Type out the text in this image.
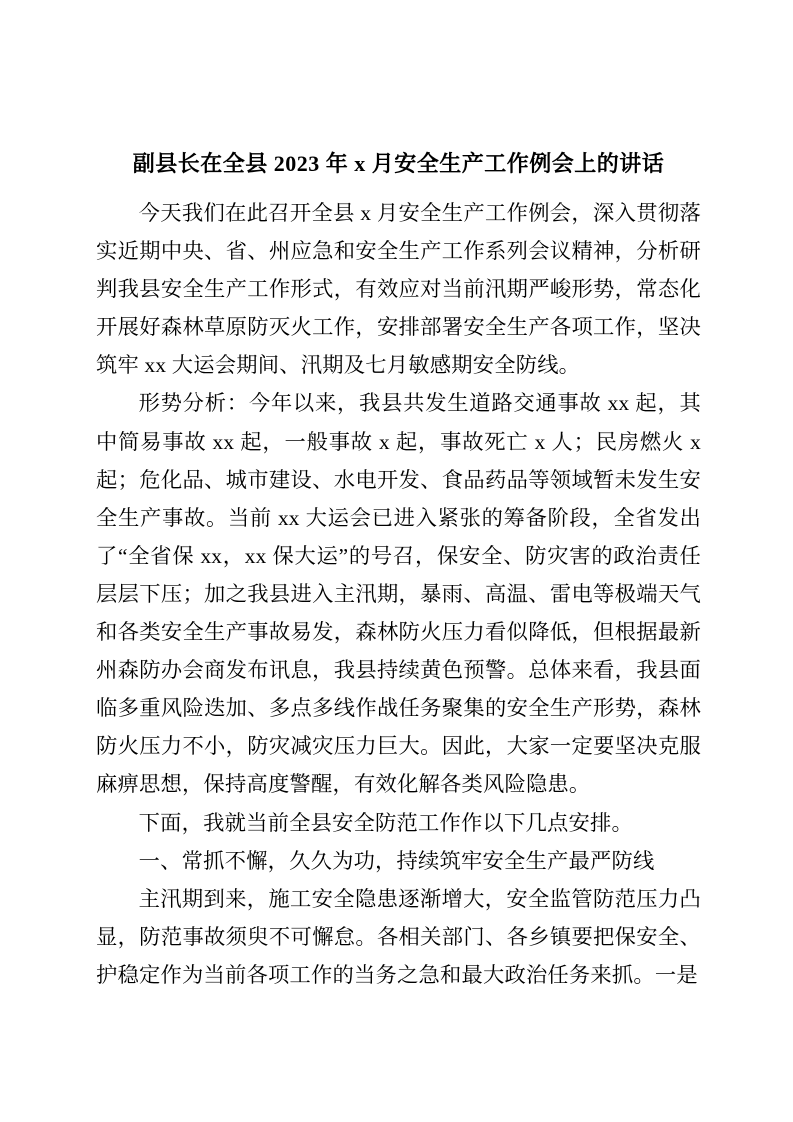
副县长在全县 2023 年 x 月安全生产工作例会上的讲话

今天我们在此召开全县 x 月安全生产工作例会，深入贯彻落实近期中央、省、州应急和安全生产工作系列会议精神，分析研判我县安全生产工作形式，有效应对当前汛期严峻形势，常态化开展好森林草原防灭火工作，安排部署安全生产各项工作，坚决筑牢 xx 大运会期间、汛期及七月敏感期安全防线。

形势分析：今年以来，我县共发生道路交通事故 xx 起，其中简易事故 xx 起，一般事故 x 起，事故死亡 x 人；民房燃火 x 起；危化品、城市建设、水电开发、食品药品等领域暂未发生安全生产事故。当前 xx 大运会已进入紧张的筹备阶段，全省发出了“全省保 xx，xx 保大运”的号召，保安全、防灾害的政治责任层层下压；加之我县进入主汛期，暴雨、高温、雷电等极端天气和各类安全生产事故易发，森林防火压力看似降低，但根据最新州森防办会商发布讯息，我县持续黄色预警。总体来看，我县面临多重风险迭加、多点多线作战任务聚集的安全生产形势，森林防火压力不小，防灾减灾压力巨大。因此，大家一定要坚决克服麻痹思想，保持高度警醒，有效化解各类风险隐患。

下面，我就当前全县安全防范工作作以下几点安排。

一、常抓不懈，久久为功，持续筑牢安全生产最严防线

主汛期到来，施工安全隐患逐渐增大，安全监管防范压力凸显，防范事故须臾不可懈怠。各相关部门、各乡镇要把保安全、护稳定作为当前各项工作的当务之急和最大政治任务来抓。一是
